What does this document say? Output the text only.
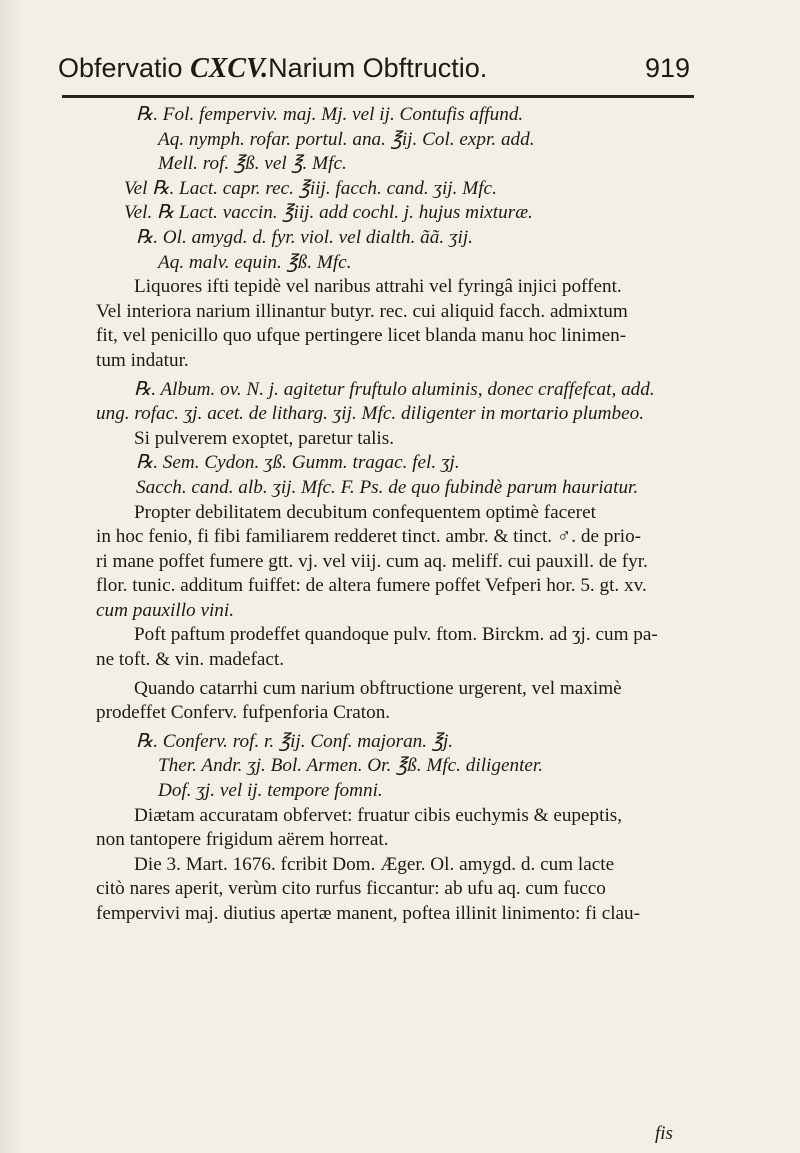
Obfervatio CXCV.Narium Obftructio.	919

℞. Fol. femperviv. maj. Mj. vel ij. Contufis affund.

Aq. nymph. rofar. portul. ana. ℥ij. Col. expr. add.

Mell. rof. ℥ß. vel ℥. Mfc.

Vel ℞. Lact. capr. rec. ℥iij. facch. cand. ʒij. Mfc.

Vel. ℞ Lact. vaccin. ℥iij. add cochl. j. hujus mixturæ.

℞. Ol. amygd. d. fyr. viol. vel dialth. ãã. ʒij.

Aq. malv. equin. ℥ß. Mfc.

Liquores ifti tepidè vel naribus attrahi vel fyringâ injici poffent.

Vel interiora narium illinantur butyr. rec. cui aliquid facch. admixtum

fit, vel penicillo quo ufque pertingere licet blanda manu hoc linimen-

tum indatur.

℞. Album. ov. N. j. agitetur fruftulo aluminis, donec craffefcat, add.

ung. rofac. ʒj. acet. de litharg. ʒij. Mfc. diligenter in mortario plumbeo.

Si pulverem exoptet, paretur talis.

℞. Sem. Cydon. ʒß. Gumm. tragac. fel. ʒj.

Sacch. cand. alb. ʒij. Mfc. F. Ps. de quo fubindè parum hauriatur.

Propter debilitatem decubitum confequentem optimè faceret

in hoc fenio, fi fibi familiarem redderet tinct. ambr. & tinct. ♂. de prio-

ri mane poffet fumere gtt. vj. vel viij. cum aq. meliff. cui pauxill. de fyr.

flor. tunic. additum fuiffet: de altera fumere poffet Vefperi hor. 5. gt. xv.

cum pauxillo vini.

Poft paftum prodeffet quandoque pulv. ftom. Birckm. ad ʒj. cum pa-

ne toft. & vin. madefact.

Quando catarrhi cum narium obftructione urgerent, vel maximè

prodeffet Conferv. fufpenforia Craton.

℞. Conferv. rof. r. ℥ij. Conf. majoran. ℥j.

Ther. Andr. ʒj. Bol. Armen. Or. ℥ß. Mfc. diligenter.

Dof. ʒj. vel ij. tempore fomni.

Diætam accuratam obfervet: fruatur cibis euchymis & eupeptis,

non tantopere frigidum aërem horreat.

Die 3. Mart. 1676. fcribit Dom. Æger. Ol. amygd. d. cum lacte

citò nares aperit, verùm cito rurfus ficcantur: ab ufu aq. cum fucco

fempervivi maj. diutius apertæ manent, poftea illinit linimento: fi clau-

fis
